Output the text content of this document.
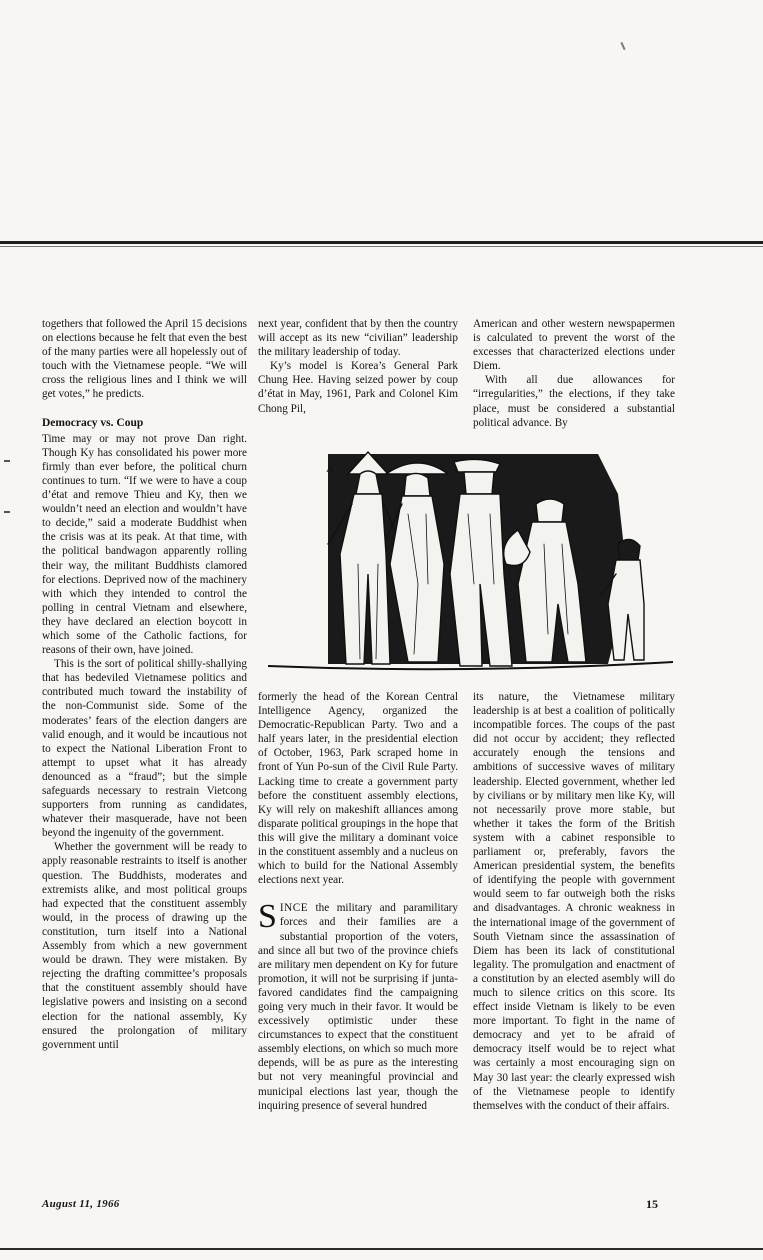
togethers that followed the April 15 decisions on elections because he felt that even the best of the many parties were all hopelessly out of touch with the Vietnamese people. “We will cross the religious lines and I think we will get votes,” he predicts.

Democracy vs. Coup

Time may or may not prove Dan right. Though Ky has consolidated his power more firmly than ever before, the political churn continues to turn. “If we were to have a coup d’état and remove Thieu and Ky, then we wouldn’t need an election and wouldn’t have to decide,” said a moderate Buddhist when the crisis was at its peak. At that time, with the political bandwagon apparently rolling their way, the militant Buddhists clamored for elections. Deprived now of the machinery with which they intended to control the polling in central Vietnam and elsewhere, they have declared an election boycott in which some of the Catholic factions, for reasons of their own, have joined.

This is the sort of political shilly-shallying that has bedeviled Vietnamese politics and contributed much toward the instability of the non-Communist side. Some of the moderates’ fears of the election dangers are valid enough, and it would be incautious not to expect the National Liberation Front to attempt to upset what it has already denounced as a “fraud”; but the simple safeguards necessary to restrain Vietcong supporters from running as candidates, whatever their masquerade, have not been beyond the ingenuity of the government.

Whether the government will be ready to apply reasonable restraints to itself is another question. The Buddhists, moderates and extremists alike, and most political groups had expected that the constituent assembly would, in the process of drawing up the constitution, turn itself into a National Assembly from which a new government would be drawn. They were mistaken. By rejecting the drafting committee’s proposals that the constituent assembly should have legislative powers and insisting on a second election for the national assembly, Ky ensured the prolongation of military government until

next year, confident that by then the country will accept as its new “civilian” leadership the military leadership of today.

Ky’s model is Korea’s General Park Chung Hee. Having seized power by coup d’état in May, 1961, Park and Colonel Kim Chong Pil,

American and other western newspapermen is calculated to prevent the worst of the excesses that characterized elections under Diem.

With all due allowances for “irregularities,” the elections, if they take place, must be considered a substantial political advance. By

A

formerly the head of the Korean Central Intelligence Agency, organized the Democratic-Republican Party. Two and a half years later, in the presidential election of October, 1963, Park scraped home in front of Yun Po-sun of the Civil Rule Party. Lacking time to create a government party before the constituent assembly elections, Ky will rely on makeshift alliances among disparate political groupings in the hope that this will give the military a dominant voice in the constituent assembly and a nucleus on which to build for the National Assembly elections next year.

SINCE the military and paramilitary forces and their families are a substantial proportion of the voters, and since all but two of the province chiefs are military men dependent on Ky for future promotion, it will not be surprising if junta-favored candidates find the campaigning going very much in their favor. It would be excessively optimistic under these circumstances to expect that the constituent assembly elections, on which so much more depends, will be as pure as the interesting but not very meaningful provincial and municipal elections last year, though the inquiring presence of several hundred

its nature, the Vietnamese military leadership is at best a coalition of politically incompatible forces. The coups of the past did not occur by accident; they reflected accurately enough the tensions and ambitions of successive waves of military leadership. Elected government, whether led by civilians or by military men like Ky, will not necessarily prove more stable, but whether it takes the form of the British system with a cabinet responsible to parliament or, preferably, favors the American presidential system, the benefits of identifying the people with government would seem to far outweigh both the risks and disadvantages. A chronic weakness in the international image of the government of South Vietnam since the assassination of Diem has been its lack of constitutional legality. The promulgation and enactment of a constitution by an elected asembly will do much to silence critics on this score. Its effect inside Vietnam is likely to be even more important. To fight in the name of democracy and yet to be afraid of democracy itself would be to reject what was certainly a most encouraging sign on May 30 last year: the clearly expressed wish of the Vietnamese people to identify themselves with the conduct of their affairs.

August 11, 1966	15
